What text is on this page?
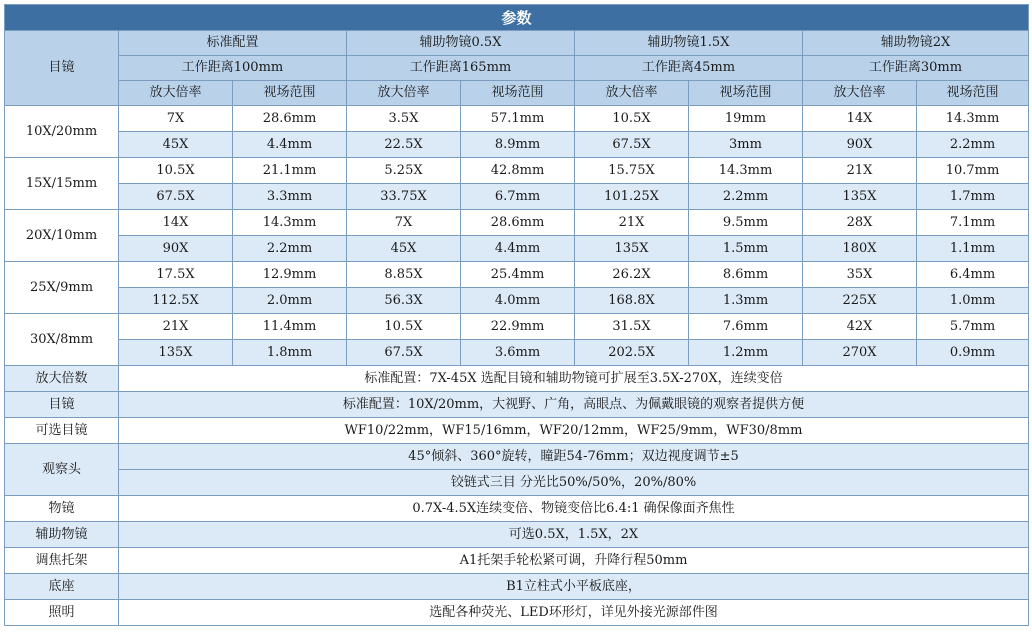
参数								
目镜	标准配置		辅助物镜0.5X		辅助物镜1.5X		辅助物镜2X	
	工作距离100mm		工作距离165mm		工作距离45mm		工作距离30mm	
	放大倍率	视场范围	放大倍率	视场范围	放大倍率	视场范围	放大倍率	视场范围
10X/20mm	7X	28.6mm	3.5X	57.1mm	10.5X	19mm	14X	14.3mm
	45X	4.4mm	22.5X	8.9mm	67.5X	3mm	90X	2.2mm
15X/15mm	10.5X	21.1mm	5.25X	42.8mm	15.75X	14.3mm	21X	10.7mm
	67.5X	3.3mm	33.75X	6.7mm	101.25X	2.2mm	135X	1.7mm
20X/10mm	14X	14.3mm	7X	28.6mm	21X	9.5mm	28X	7.1mm
	90X	2.2mm	45X	4.4mm	135X	1.5mm	180X	1.1mm
25X/9mm	17.5X	12.9mm	8.85X	25.4mm	26.2X	8.6mm	35X	6.4mm
	112.5X	2.0mm	56.3X	4.0mm	168.8X	1.3mm	225X	1.0mm
30X/8mm	21X	11.4mm	10.5X	22.9mm	31.5X	7.6mm	42X	5.7mm
	135X	1.8mm	67.5X	3.6mm	202.5X	1.2mm	270X	0.9mm
放大倍数	标准配置：7X-45X 选配目镜和辅助物镜可扩展至3.5X-270X，连续变倍							
目镜	标准配置：10X/20mm，大视野、广角，高眼点、为佩戴眼镜的观察者提供方便							
可选目镜	WF10/22mm，WF15/16mm，WF20/12mm，WF25/9mm，WF30/8mm							
观察头	45°倾斜、360°旋转，瞳距54-76mm；双边视度调节±5							
	铰链式三目 分光比50%/50%，20%/80%							
物镜	0.7X-4.5X连续变倍、物镜变倍比6.4:1 确保像面齐焦性							
辅助物镜	可选0.5X，1.5X，2X							
调焦托架	A1托架手轮松紧可调，升降行程50mm							
底座	B1立柱式小平板底座，							
照明	选配各种荧光、LED环形灯，详见外接光源部件图							
